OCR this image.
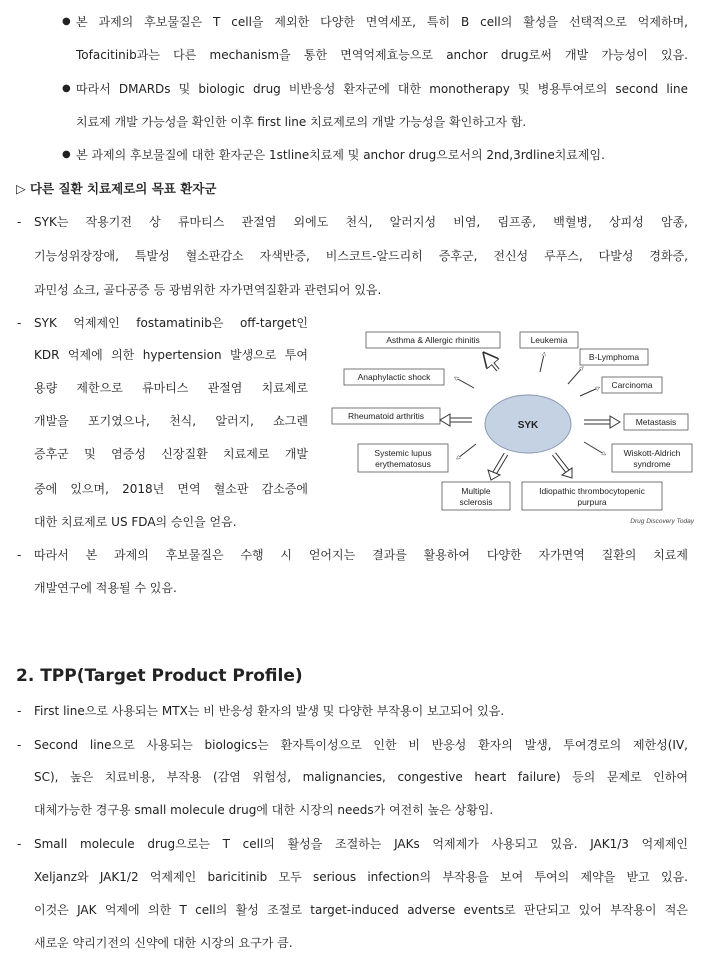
● 본 과제의 후보물질은 T cell을 제외한 다양한 면역세포, 특히 B cell의 활성을 선택적으로 억제하며,
Tofacitinib과는 다른 mechanism을 통한 면역억제효능으로 anchor drug로써 개발 가능성이 있음.
● 따라서 DMARDs 및 biologic drug 비반응성 환자군에 대한 monotherapy 및 병용투여로의 second line
치료제 개발 가능성을 확인한 이후 first line 치료제로의 개발 가능성을 확인하고자 함.
● 본 과제의 후보물질에 대한 환자군은 1stline치료제 및 anchor drug으로서의 2nd,3rdline치료제임.
▷ 다른 질환 치료제로의 목표 환자군
- SYK는 작용기전 상 류마티스 관절염 외에도 천식, 알러지성 비염, 림프종, 백혈병, 상피성 암종,
기능성위장장애, 특발성 혈소판감소 자색반증, 비스코트-알드리히 증후군, 전신성 루푸스, 다발성 경화증,
과민성 쇼크, 골다공증 등 광범위한 자가면역질환과 관련되어 있음.
- SYK 억제제인 fostamatinib은 off-target인
KDR 억제에 의한 hypertension 발생으로 투여
용량 제한으로 류마티스 관절염 치료제로
개발을 포기였으나, 천식, 알러지, 쇼그렌
증후군 및 염증성 신장질환 치료제로 개발
중에 있으며, 2018년 면역 혈소판 감소증에
대한 치료제로 US FDA의 승인을 얻음.
SYK
Asthma & Allergic rhinitis	Leukemia
B-Lymphoma
Anaphylactic shock
Carcinoma
Rheumatoid arthritis
Metastasis
Systemic lupus
erythematosus
Wiskott-Aldrich
syndrome
Multiple
sclerosis
Idiopathic thrombocytopenic
purpura
Drug Discovery Today
- 따라서 본 과제의 후보물질은 수행 시 얻어지는 결과를 활용하여 다양한 자가면역 질환의 치료제
개발연구에 적용될 수 있음.
2. TPP(Target Product Profile)
- First line으로 사용되는 MTX는 비 반응성 환자의 발생 및 다양한 부작용이 보고되어 있음.
- Second line으로 사용되는 biologics는 환자특이성으로 인한 비 반응성 환자의 발생, 투여경로의 제한성(IV,
SC), 높은 치료비용, 부작용 (감염 위험성, malignancies, congestive heart failure) 등의 문제로 인하여
대체가능한 경구용 small molecule drug에 대한 시장의 needs가 여전히 높은 상황임.
- Small molecule drug으로는 T cell의 활성을 조절하는 JAKs 억제제가 사용되고 있음. JAK1/3 억제제인
Xeljanz와 JAK1/2 억제제인 baricitinib 모두 serious infection의 부작용을 보여 투여의 제약을 받고 있음.
이것은 JAK 억제에 의한 T cell의 활성 조절로 target-induced adverse events로 판단되고 있어 부작용이 적은
새로운 약리기전의 신약에 대한 시장의 요구가 큼.
